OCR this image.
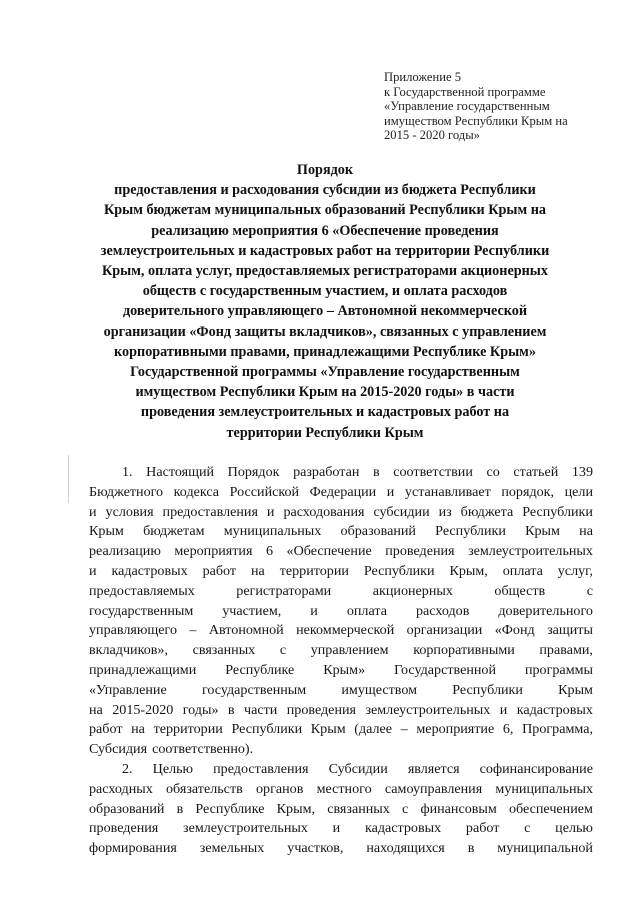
Приложение 5
к Государственной программе
«Управление государственным
имуществом Республики Крым на
2015 - 2020 годы»
Порядок
предоставления и расходования субсидии из бюджета Республики
Крым бюджетам муниципальных образований Республики Крым на
реализацию мероприятия 6 «Обеспечение проведения
землеустроительных и кадастровых работ на территории Республики
Крым, оплата услуг, предоставляемых регистраторами акционерных
обществ с государственным участием, и оплата расходов
доверительного управляющего – Автономной некоммерческой
организации «Фонд защиты вкладчиков», связанных с управлением
корпоративными правами, принадлежащими Республике Крым»
Государственной программы «Управление государственным
имуществом Республики Крым на 2015-2020 годы» в части
проведения землеустроительных и кадастровых работ на
территории Республики Крым
1. Настоящий Порядок разработан в соответствии со статьей 139
Бюджетного кодекса Российской Федерации и устанавливает порядок, цели
и условия предоставления и расходования субсидии из бюджета Республики
Крым бюджетам муниципальных образований Республики Крым на
реализацию мероприятия 6 «Обеспечение проведения землеустроительных
и кадастровых работ на территории Республики Крым, оплата услуг,
предоставляемых	регистраторами	акционерных	обществ	с
государственным участием, и оплата расходов доверительного
управляющего – Автономной некоммерческой организации «Фонд защиты
вкладчиков», связанных с управлением корпоративными правами,
принадлежащими Республике Крым» Государственной программы
«Управление государственным имуществом Республики Крым
на 2015-2020 годы» в части проведения землеустроительных и кадастровых
работ на территории Республики Крым (далее – мероприятие 6, Программа,
Субсидия соответственно).
2. Целью предоставления Субсидии является софинансирование
расходных обязательств органов местного самоуправления муниципальных
образований в Республике Крым, связанных с финансовым обеспечением
проведения землеустроительных и кадастровых работ с целью
формирования земельных участков, находящихся в муниципальной
